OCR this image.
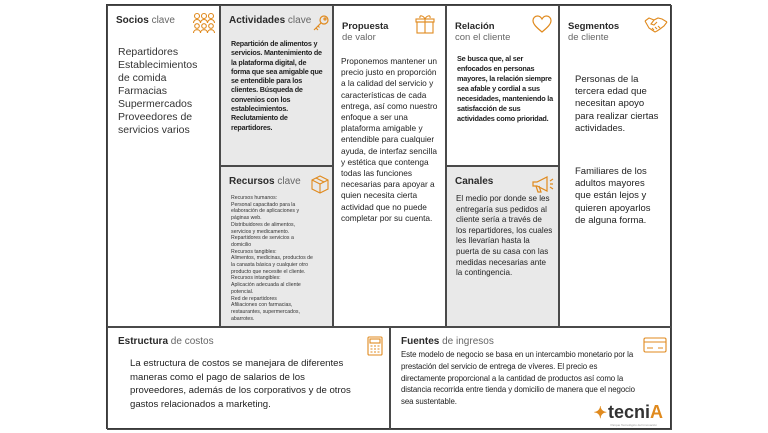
Socios clave
Repartidores
Establecimientos
de comida
Farmacias
Supermercados
Proveedores de
servicios varios
Actividades clave

Repartición de alimentos y servicios. Mantenimiento de la plataforma digital, de forma que sea amigable que se entendible para los clientes. Búsqueda de convenios con los establecimientos. Reclutamiento de repartidores.

Recursos clave
Recursos humanos:
Personal capacitado para la
elaboración de aplicaciones y
páginas web.
Distribuidores de alimentos,
servicios y medicamento.
Repartidores de servicios a
domicilio
Recursos tangibles:
Alimentos, medicinas, productos de
la canasta básica y cualquier otro
producto que necesite el cliente.
Recursos intangibles:
Aplicación adecuada al cliente
potencial.
Red de repartidores
Afiliaciones con farmacias,
restaurantes, supermercados,
abarrotes.
Propuesta
de valor

Proponemos mantener un precio justo en proporción a la calidad del servicio y características de cada entrega, así como nuestro enfoque a ser una plataforma amigable y entendible para cualquier ayuda, de interfaz sencilla y estética que contenga todas las funciones necesarias para apoyar a quien necesita cierta actividad que no puede completar por su cuenta.

Relación
con el cliente

Se busca que, al ser enfocados en personas mayores, la relación siempre sea afable y cordial a sus necesidades, manteniendo la satisfacción de sus actividades como prioridad.

Canales

El medio por donde se les entregaría sus pedidos al cliente sería a través de los repartidores, los cuales les llevarían hasta la puerta de su casa con las medidas necesarias ante la contingencia.

Segmentos
de cliente

Personas de la tercera edad que necesitan apoyo para realizar ciertas actividades.

Familiares de los adultos mayores que están lejos y quieren apoyarlos de alguna forma.

Estructura de costos

La estructura de costos se manejara de diferentes maneras como el pago de salarios de los proveedores, además de los corporativos y de otros gastos relacionados a marketing.

Fuentes de ingresos

Este modelo de negocio se basa en un intercambio monetario por la prestación del servicio de entrega de víveres. El precio es directamente proporcional a la cantidad de productos así como la distancia recorrida entre tienda y domicilio de manera que el negocio sea sustentable.

✦tecniA
Parque Tecnológico del Innovación
